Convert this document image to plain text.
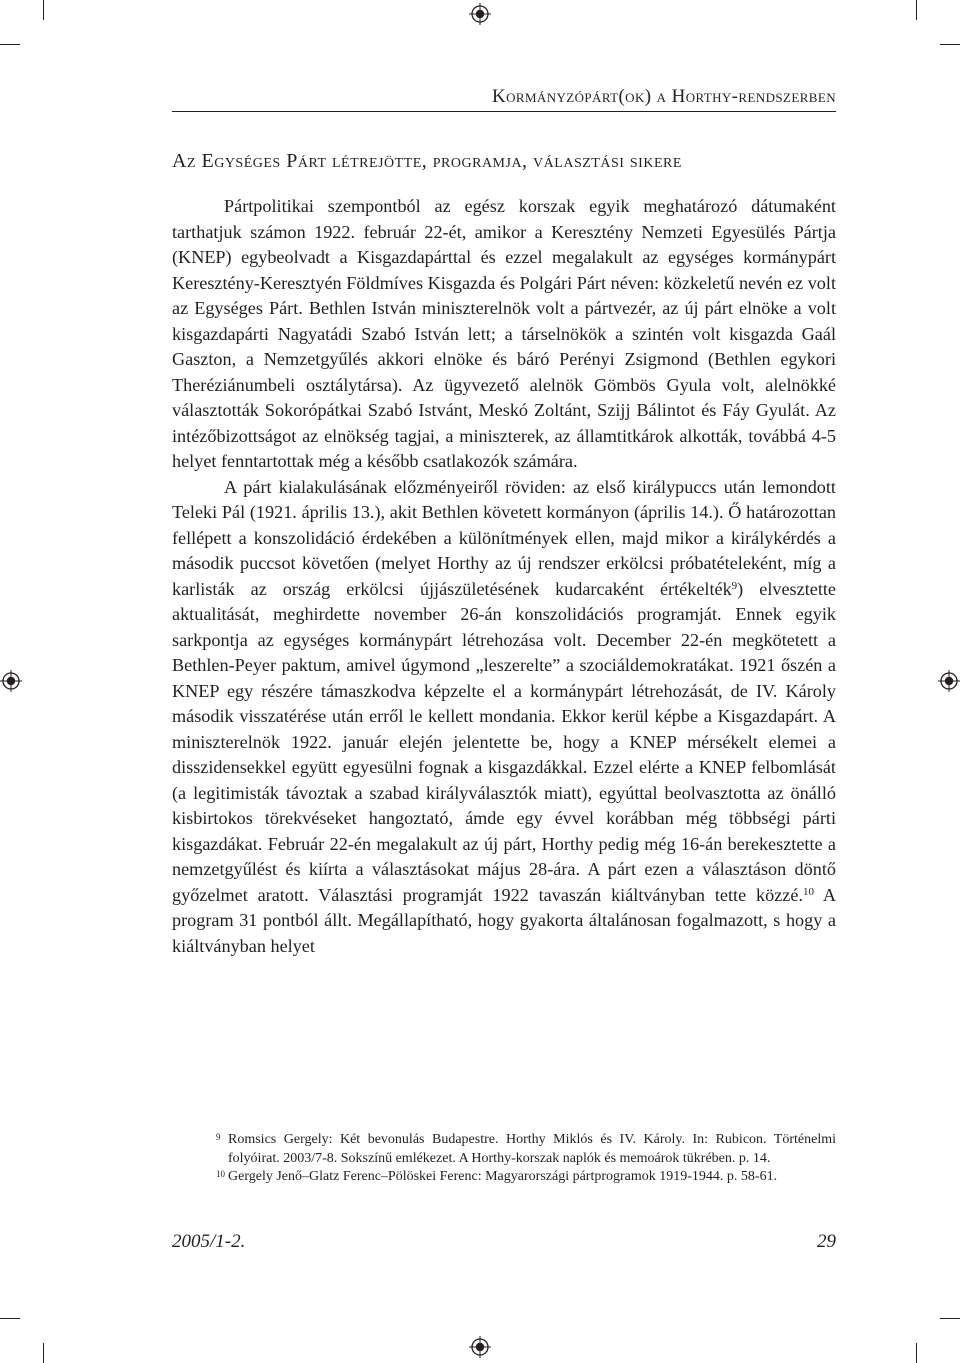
Kormányzópárt(ok) a Horthy-rendszerben
Az Egységes Párt létrejötte, programja, választási sikere

Pártpolitikai szempontból az egész korszak egyik meghatározó dátumaként tarthatjuk számon 1922. február 22-ét, amikor a Keresztény Nemzeti Egyesülés Pártja (KNEP) egybeolvadt a Kisgazdapárttal és ezzel megalakult az egységes kormánypárt Keresztény-Keresztyén Földmíves Kisgazda és Polgári Párt néven: közkeletű nevén ez volt az Egységes Párt. Bethlen István miniszterelnök volt a pártvezér, az új párt elnöke a volt kisgazdapárti Nagyatádi Szabó István lett; a társelnökök a szintén volt kisgazda Gaál Gaszton, a Nemzetgyűlés akkori elnöke és báró Perényi Zsigmond (Bethlen egykori Theréziánumbeli osztálytársa). Az ügyvezető alelnök Gömbös Gyula volt, alelnökké választották Sokorópátkai Szabó Istvánt, Meskó Zoltánt, Szijj Bálintot és Fáy Gyulát. Az intézőbizottságot az elnökség tagjai, a miniszterek, az államtitkárok alkották, továbbá 4-5 helyet fenntartottak még a később csatlakozók számára.

A párt kialakulásának előzményeiről röviden: az első királypuccs után lemondott Teleki Pál (1921. április 13.), akit Bethlen követett kormányon (április 14.). Ő határozottan fellépett a konszolidáció érdekében a különítmények ellen, majd mikor a királykérdés a második puccsot követően (melyet Horthy az új rendszer erkölcsi próbatételeként, míg a karlisták az ország erkölcsi újjászületésének kudarcaként értékelték$^9$) elvesztette aktualitását, meghirdette november 26-án konszolidációs programját. Ennek egyik sarkpontja az egységes kormánypárt létrehozása volt. December 22-én megkötetett a Bethlen-Peyer paktum, amivel úgymond „leszerelte” a szociáldemokratákat. 1921 őszén a KNEP egy részére támaszkodva képzelte el a kormánypárt létrehozását, de IV. Károly második visszatérése után erről le kellett mondania. Ekkor kerül képbe a Kisgazdapárt. A miniszterelnök 1922. január elején jelentette be, hogy a KNEP mérsékelt elemei a disszidensekkel együtt egyesülni fognak a kisgazdákkal. Ezzel elérte a KNEP felbomlását (a legitimisták távoztak a szabad királyválasztók miatt), egyúttal beolvasztotta az önálló kisbirtokos törekvéseket hangoztató, ámde egy évvel korábban még többségi párti kisgazdákat. Február 22-én megalakult az új párt, Horthy pedig még 16-án berekesztette a nemzetgyűlést és kiírta a választásokat május 28-ára. A párt ezen a választáson döntő győzelmet aratott. Választási programját 1922 tavaszán kiáltványban tette közzé.$^{10}$ A program 31 pontból állt. Megállapítható, hogy gyakorta általánosan fogalmazott, s hogy a kiáltványban helyet

9 Romsics Gergely: Két bevonulás Budapestre. Horthy Miklós és IV. Károly. In: Rubicon. Történelmi folyóirat. 2003/7-8. Sokszínű emlékezet. A Horthy-korszak naplók és memoárok tükrében. p. 14.

10 Gergely Jenő–Glatz Ferenc–Pölöskei Ferenc: Magyarországi pártprogramok 1919-1944. p. 58-61.

2005/1-2.	29
